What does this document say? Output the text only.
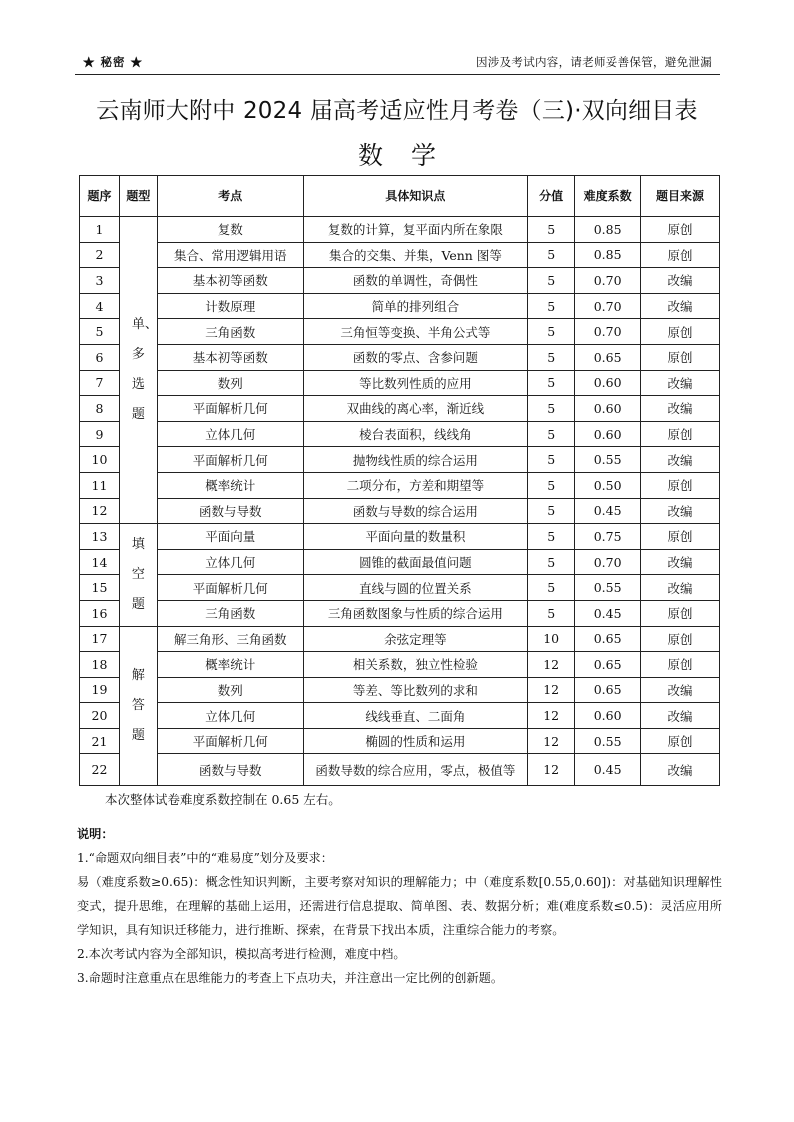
★ 秘密 ★	因涉及考试内容，请老师妥善保管，避免泄漏
云南师大附中 2024 届高考适应性月考卷（三)·双向细目表
数学
题序	题型	考点	具体知识点	分值	难度系数	题目来源
1	单、多选题	复数	复数的计算，复平面内所在象限	5	0.85	原创
2		集合、常用逻辑用语	集合的交集、并集，Venn 图等	5	0.85	原创
3		基本初等函数	函数的单调性，奇偶性	5	0.70	改编
4		计数原理	简单的排列组合	5	0.70	改编
5		三角函数	三角恒等变换、半角公式等	5	0.70	原创
6		基本初等函数	函数的零点、含参问题	5	0.65	原创
7		数列	等比数列性质的应用	5	0.60	改编
8		平面解析几何	双曲线的离心率，渐近线	5	0.60	改编
9		立体几何	棱台表面积，线线角	5	0.60	原创
10		平面解析几何	抛物线性质的综合运用	5	0.55	改编
11		概率统计	二项分布，方差和期望等	5	0.50	原创
12		函数与导数	函数与导数的综合运用	5	0.45	改编
13	填空题	平面向量	平面向量的数量积	5	0.75	原创
14		立体几何	圆锥的截面最值问题	5	0.70	改编
15		平面解析几何	直线与圆的位置关系	5	0.55	改编
16		三角函数	三角函数图象与性质的综合运用	5	0.45	原创
17	解答题	解三角形、三角函数	余弦定理等	10	0.65	原创
18		概率统计	相关系数，独立性检验	12	0.65	原创
19		数列	等差、等比数列的求和	12	0.65	改编
20		立体几何	线线垂直、二面角	12	0.60	改编
21		平面解析几何	椭圆的性质和运用	12	0.55	原创
22		函数与导数	函数导数的综合应用，零点，极值等	12	0.45	改编
本次整体试卷难度系数控制在 0.65 左右。

说明：

1.“命题双向细目表”中的“难易度”划分及要求：

易（难度系数≥0.65)：概念性知识判断，主要考察对知识的理解能力；中（难度系数[0.55,0.60])：对基础知识理解性变式，提升思维，在理解的基础上运用，还需进行信息提取、简单图、表、数据分析；难(难度系数≤0.5)：灵活应用所学知识，具有知识迁移能力，进行推断、探索，在背景下找出本质，注重综合能力的考察。

2.本次考试内容为全部知识，模拟高考进行检测，难度中档。

3.命题时注意重点在思维能力的考查上下点功夫，并注意出一定比例的创新题。
